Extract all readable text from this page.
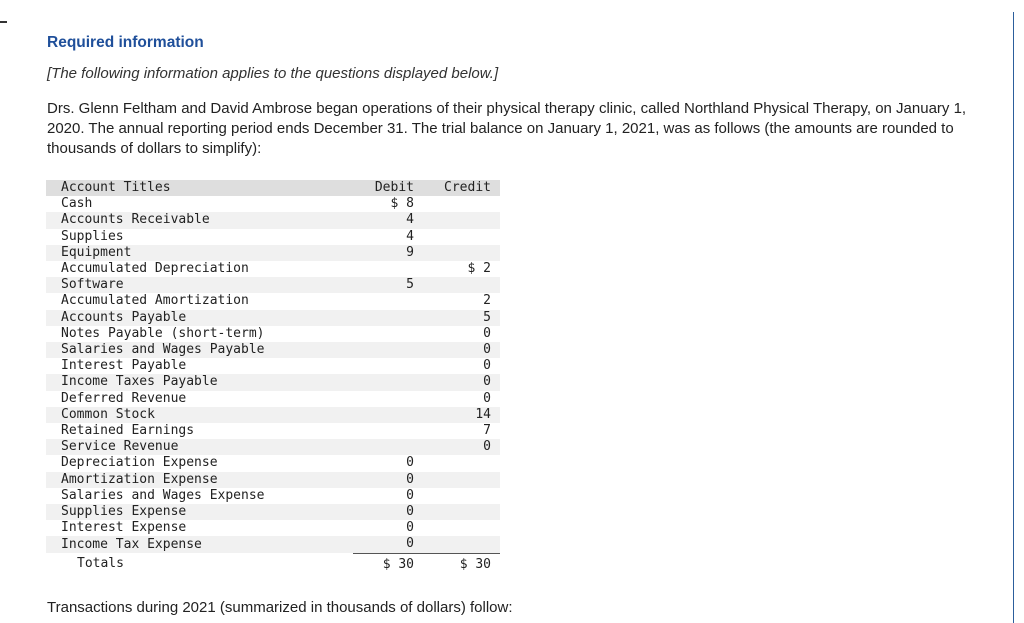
Required information
[The following information applies to the questions displayed below.]
Drs. Glenn Feltham and David Ambrose began operations of their physical therapy clinic, called Northland Physical Therapy, on January 1, 2020. The annual reporting period ends December 31. The trial balance on January 1, 2021, was as follows (the amounts are rounded to thousands of dollars to simplify):
Account Titles	Debit	Credit
Cash	$ 8	
Accounts Receivable	4	
Supplies	4	
Equipment	9	
Accumulated Depreciation		$ 2
Software	5	
Accumulated Amortization		2
Accounts Payable		5
Notes Payable (short-term)		0
Salaries and Wages Payable		0
Interest Payable		0
Income Taxes Payable		0
Deferred Revenue		0
Common Stock		14
Retained Earnings		7
Service Revenue		0
Depreciation Expense	0	
Amortization Expense	0	
Salaries and Wages Expense	0	
Supplies Expense	0	
Interest Expense	0	
Income Tax Expense	0	
Totals	$ 30	$ 30
Transactions during 2021 (summarized in thousands of dollars) follow:
